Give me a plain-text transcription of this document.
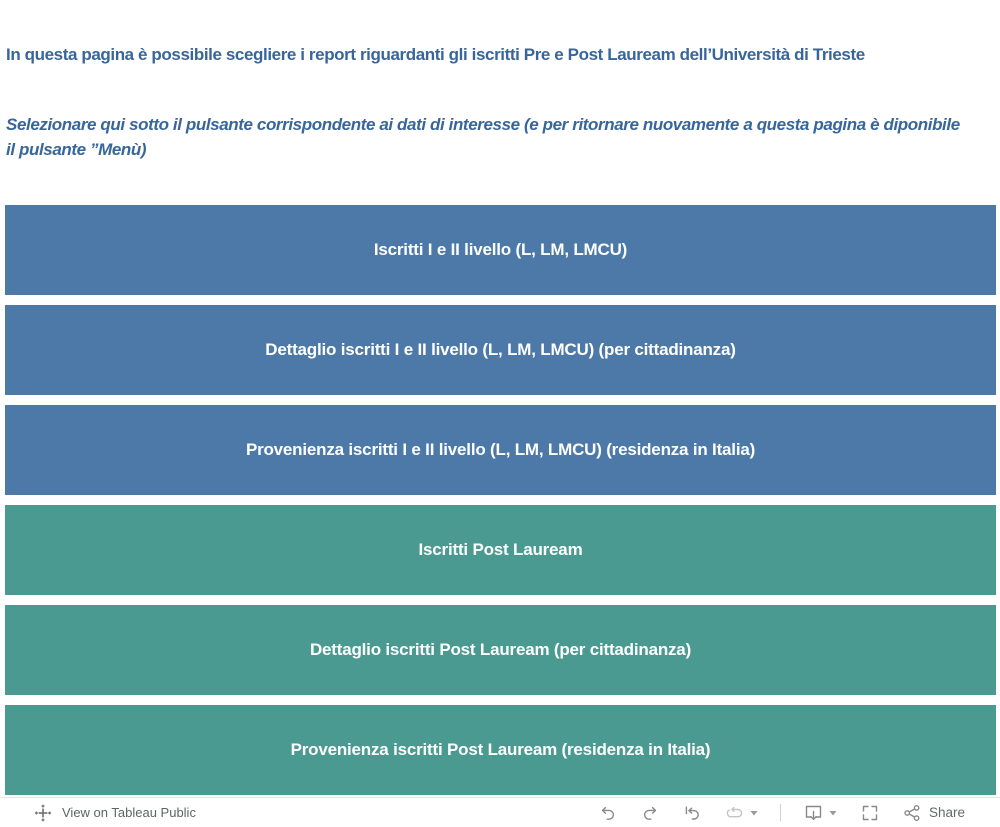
In questa pagina è possibile scegliere i report riguardanti gli iscritti Pre e Post Lauream dell’Università di Trieste

Selezionare qui sotto il pulsante corrispondente ai dati di interesse (e per ritornare nuovamente a questa pagina è diponibile il pulsante ”Menù)

Iscritti I e II livello (L, LM, LMCU)
Dettaglio iscritti I e II livello (L, LM, LMCU) (per cittadinanza)
Provenienza iscritti I e II livello (L, LM, LMCU) (residenza in Italia)
Iscritti Post Lauream
Dettaglio iscritti Post Lauream (per cittadinanza)
Provenienza iscritti Post Lauream (residenza in Italia)
View on Tableau Public	Share
